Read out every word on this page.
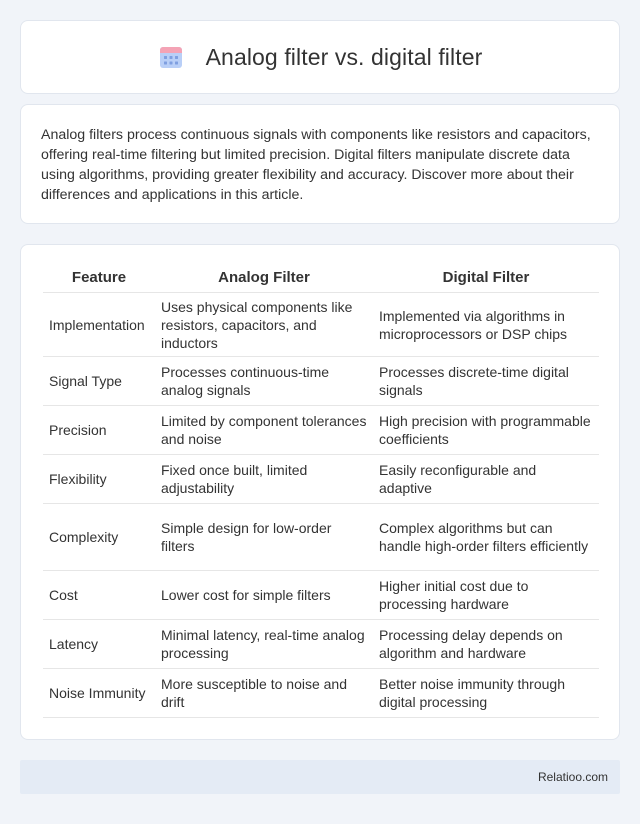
Analog filter vs. digital filter

Analog filters process continuous signals with components like resistors and capacitors, offering real-time filtering but limited precision. Digital filters manipulate discrete data using algorithms, providing greater flexibility and accuracy. Discover more about their differences and applications in this article.

Feature	Analog Filter	Digital Filter
Implementation	Uses physical components like resistors, capacitors, and inductors	Implemented via algorithms in microprocessors or DSP chips
Signal Type	Processes continuous-time analog signals	Processes discrete-time digital signals
Precision	Limited by component tolerances and noise	High precision with programmable coefficients
Flexibility	Fixed once built, limited adjustability	Easily reconfigurable and adaptive
Complexity	Simple design for low-order filters	Complex algorithms but can handle high-order filters efficiently
Cost	Lower cost for simple filters	Higher initial cost due to processing hardware
Latency	Minimal latency, real-time analog processing	Processing delay depends on algorithm and hardware
Noise Immunity	More susceptible to noise and drift	Better noise immunity through digital processing
Relatioo.com
